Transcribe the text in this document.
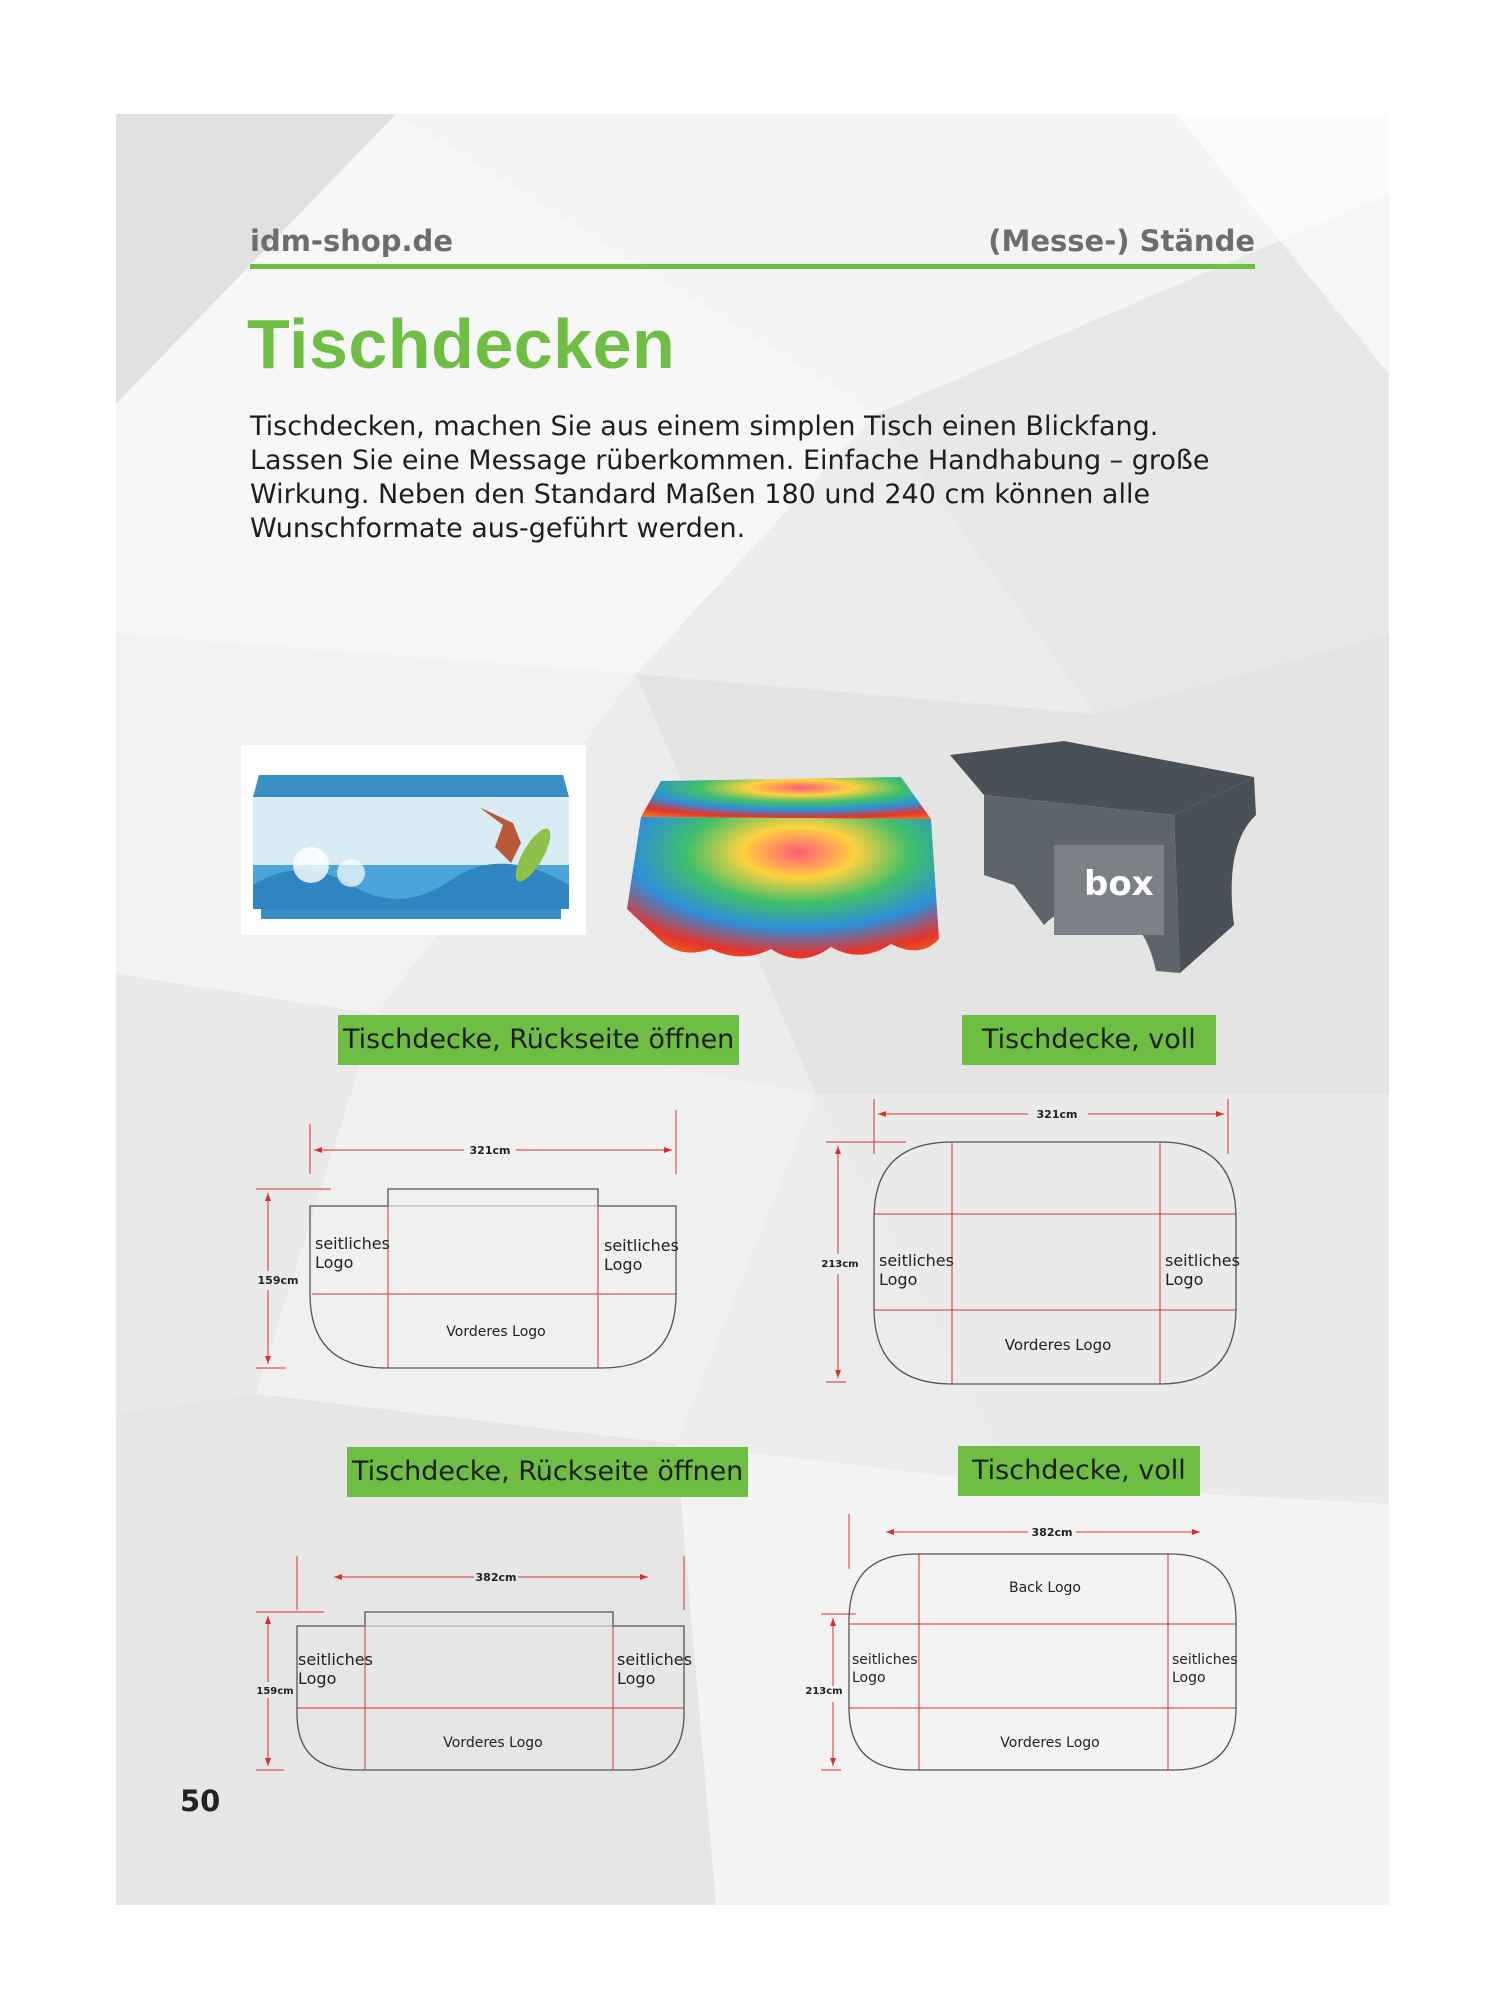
idm-shop.de	(Messe-) Stände
Tischdecken
Tischdecken, machen Sie aus einem simplen Tisch einen Blickfang. Lassen Sie eine Message rüberkommen. Einfache Handhabung – große Wirkung. Neben den Standard Maßen 180 und 240 cm können alle Wunschformate aus-geführt werden.
box
Tischdecke, Rückseite öffnen	Tischdecke, voll
Tischdecke, Rückseite öffnen	Tischdecke, voll
321cm
159cm
seitliches
Logo
seitliches
Logo
Vorderes Logo
321cm
213cm seitliches
Logo
seitliches
Logo
Vorderes Logo
382cm
159cm
seitliches
Logo
seitliches
Logo
Vorderes Logo
382cm
213cm
Back Logo
seitliches
Logo
seitliches
Logo
Vorderes Logo
50
